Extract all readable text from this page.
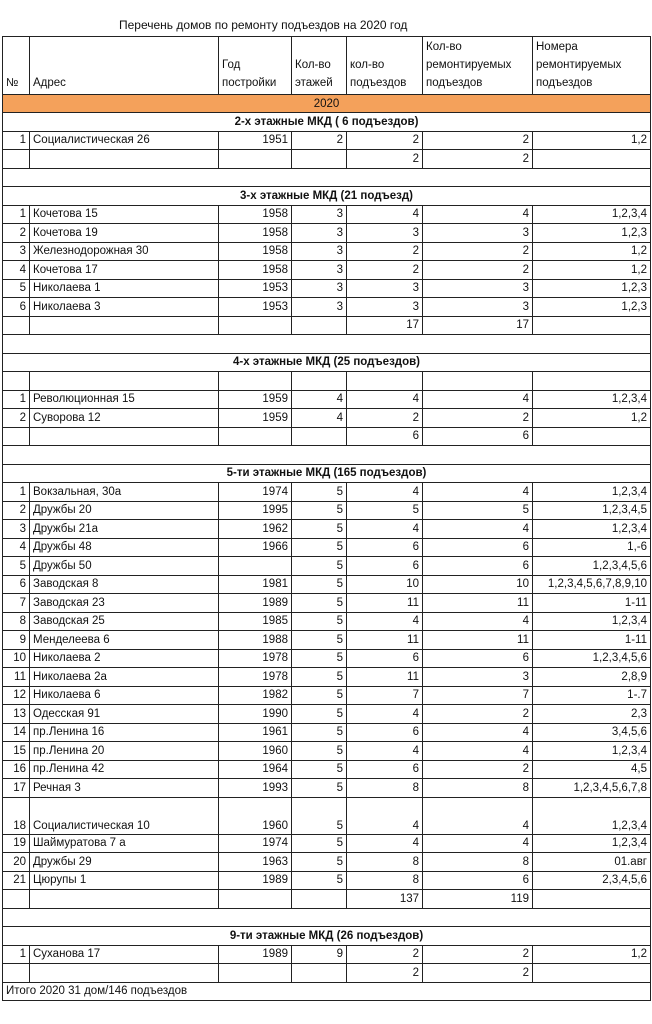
Перечень домов по ремонту подъездов на 2020 год
№	Адрес	Год постройки	Кол-во этажей	кол-во подъездов	Кол-во ремонтируемых подъездов	Номера ремонтируемых подъездов
2020						
2-х этажные МКД ( 6 подъездов)						
1	Социалистическая 26	1951	2	2	2	1,2
				2	2	

3-х этажные МКД (21 подъезд)						
1	Кочетова 15	1958	3	4	4	1,2,3,4
2	Кочетова 19	1958	3	3	3	1,2,3
3	Железнодорожная 30	1958	3	2	2	1,2
4	Кочетова 17	1958	3	2	2	1,2
5	Николаева 1	1953	3	3	3	1,2,3
6	Николаева 3	1953	3	3	3	1,2,3
				17	17	

4-х этажные МКД (25 подъездов)						

1	Революционная 15	1959	4	4	4	1,2,3,4
2	Суворова 12	1959	4	2	2	1,2
				6	6	

5-ти этажные МКД (165 подъездов)						
1	Вокзальная, 30а	1974	5	4	4	1,2,3,4
2	Дружбы 20	1995	5	5	5	1,2,3,4,5
3	Дружбы 21а	1962	5	4	4	1,2,3,4
4	Дружбы 48	1966	5	6	6	1,-6
5	Дружбы 50		5	6	6	1,2,3,4,5,6
6	Заводская 8	1981	5	10	10	1,2,3,4,5,6,7,8,9,10
7	Заводская 23	1989	5	11	11	1-11
8	Заводская 25	1985	5	4	4	1,2,3,4
9	Менделеева 6	1988	5	11	11	1-11
10	Николаева 2	1978	5	6	6	1,2,3,4,5,6
11	Николаева 2а	1978	5	11	3	2,8,9
12	Николаева 6	1982	5	7	7	1-.7
13	Одесская 91	1990	5	4	2	2,3
14	пр.Ленина 16	1961	5	6	4	3,4,5,6
15	пр.Ленина 20	1960	5	4	4	1,2,3,4
16	пр.Ленина 42	1964	5	6	2	4,5
17	Речная 3	1993	5	8	8	1,2,3,4,5,6,7,8
18	Социалистическая 10	1960	5	4	4	1,2,3,4
19	Шаймуратова 7 а	1974	5	4	4	1,2,3,4
20	Дружбы 29	1963	5	8	8	01.авг
21	Цюрупы 1	1989	5	8	6	2,3,4,5,6
				137	119	

9-ти этажные МКД (26 подъездов)						
1	Суханова 17	1989	9	2	2	1,2
				2	2	
Итого 2020 31 дом/146 подъездов						
